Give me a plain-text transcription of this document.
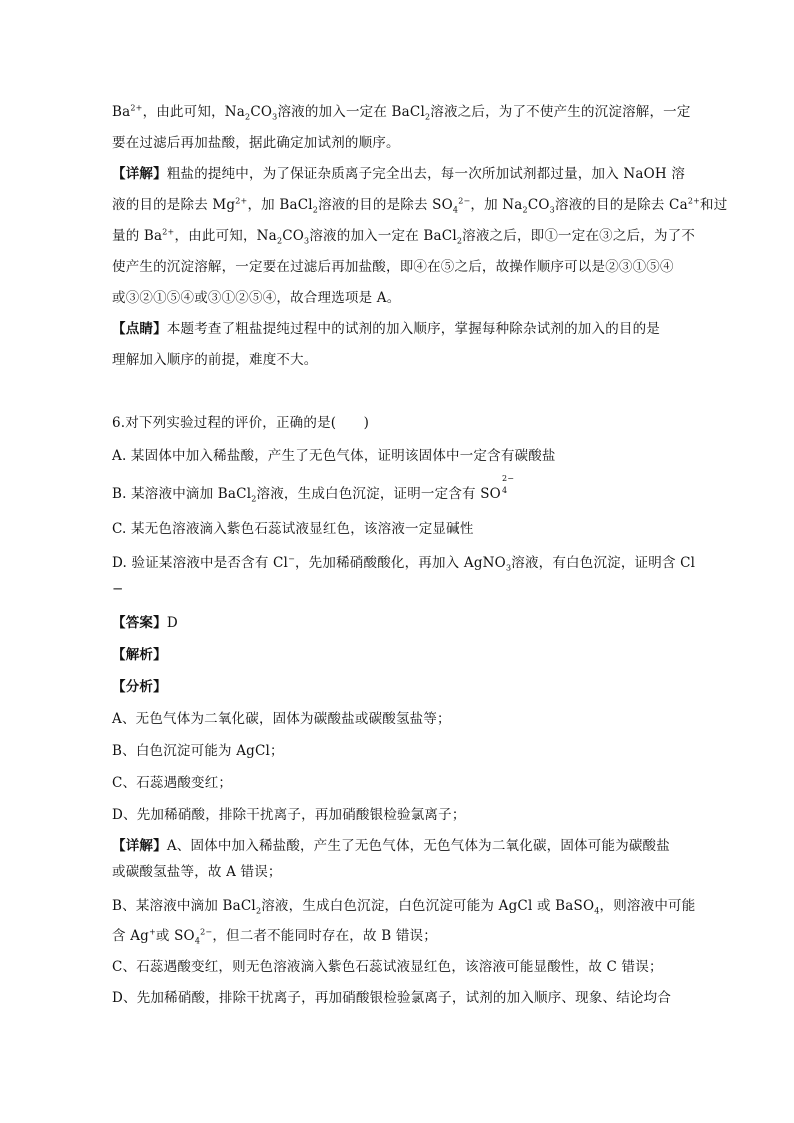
$Ba^{2+}$，由此可知，$Na_2CO_3$溶液的加入一定在 BaCl$_2$溶液之后，为了不使产生的沉淀溶解，一定
要在过滤后再加盐酸，据此确定加试剂的顺序。
【详解】粗盐的提纯中，为了保证杂质离子完全出去，每一次所加试剂都过量，加入 NaOH 溶
液的目的是除去 $Mg^{2+}$，加 BaCl$_2$溶液的目的是除去 $SO_4^{2-}$，加 $Na_2CO_3$溶液的目的是除去 $Ca^{2+}$和过
量的 $Ba^{2+}$，由此可知，$Na_2CO_3$溶液的加入一定在 BaCl$_2$溶液之后，即①一定在③之后，为了不
使产生的沉淀溶解，一定要在过滤后再加盐酸，即④在⑤之后，故操作顺序可以是②③①⑤④
或③②①⑤④或③①②⑤④，故合理选项是 A。
【点睛】本题考查了粗盐提纯过程中的试剂的加入顺序，掌握每种除杂试剂的加入的目的是
理解加入顺序的前提，难度不大。
6.对下列实验过程的评价，正确的是(　　)
A. 某固体中加入稀盐酸，产生了无色气体，证明该固体中一定含有碳酸盐
B. 某溶液中滴加 BaCl$_2$溶液，生成白色沉淀，证明一定含有 SO
2−
4
C. 某无色溶液滴入紫色石蕊试液显红色，该溶液一定显碱性
D. 验证某溶液中是否含有 Cl−，先加稀硝酸酸化，再加入 AgNO$_3$溶液，有白色沉淀，证明含 Cl
−
【答案】D
【解析】
【分析】
A、无色气体为二氧化碳，固体为碳酸盐或碳酸氢盐等；
B、白色沉淀可能为 AgCl；
C、石蕊遇酸变红；
D、先加稀硝酸，排除干扰离子，再加硝酸银检验氯离子；
【详解】A、固体中加入稀盐酸，产生了无色气体，无色气体为二氧化碳，固体可能为碳酸盐
或碳酸氢盐等，故 A 错误；
B、某溶液中滴加 BaCl$_2$溶液，生成白色沉淀，白色沉淀可能为 AgCl 或 BaSO$_4$，则溶液中可能
含 Ag+或 $SO_4^{2-}$，但二者不能同时存在，故 B 错误；
C、石蕊遇酸变红，则无色溶液滴入紫色石蕊试液显红色，该溶液可能显酸性，故 C 错误；
D、先加稀硝酸，排除干扰离子，再加硝酸银检验氯离子，试剂的加入顺序、现象、结论均合
